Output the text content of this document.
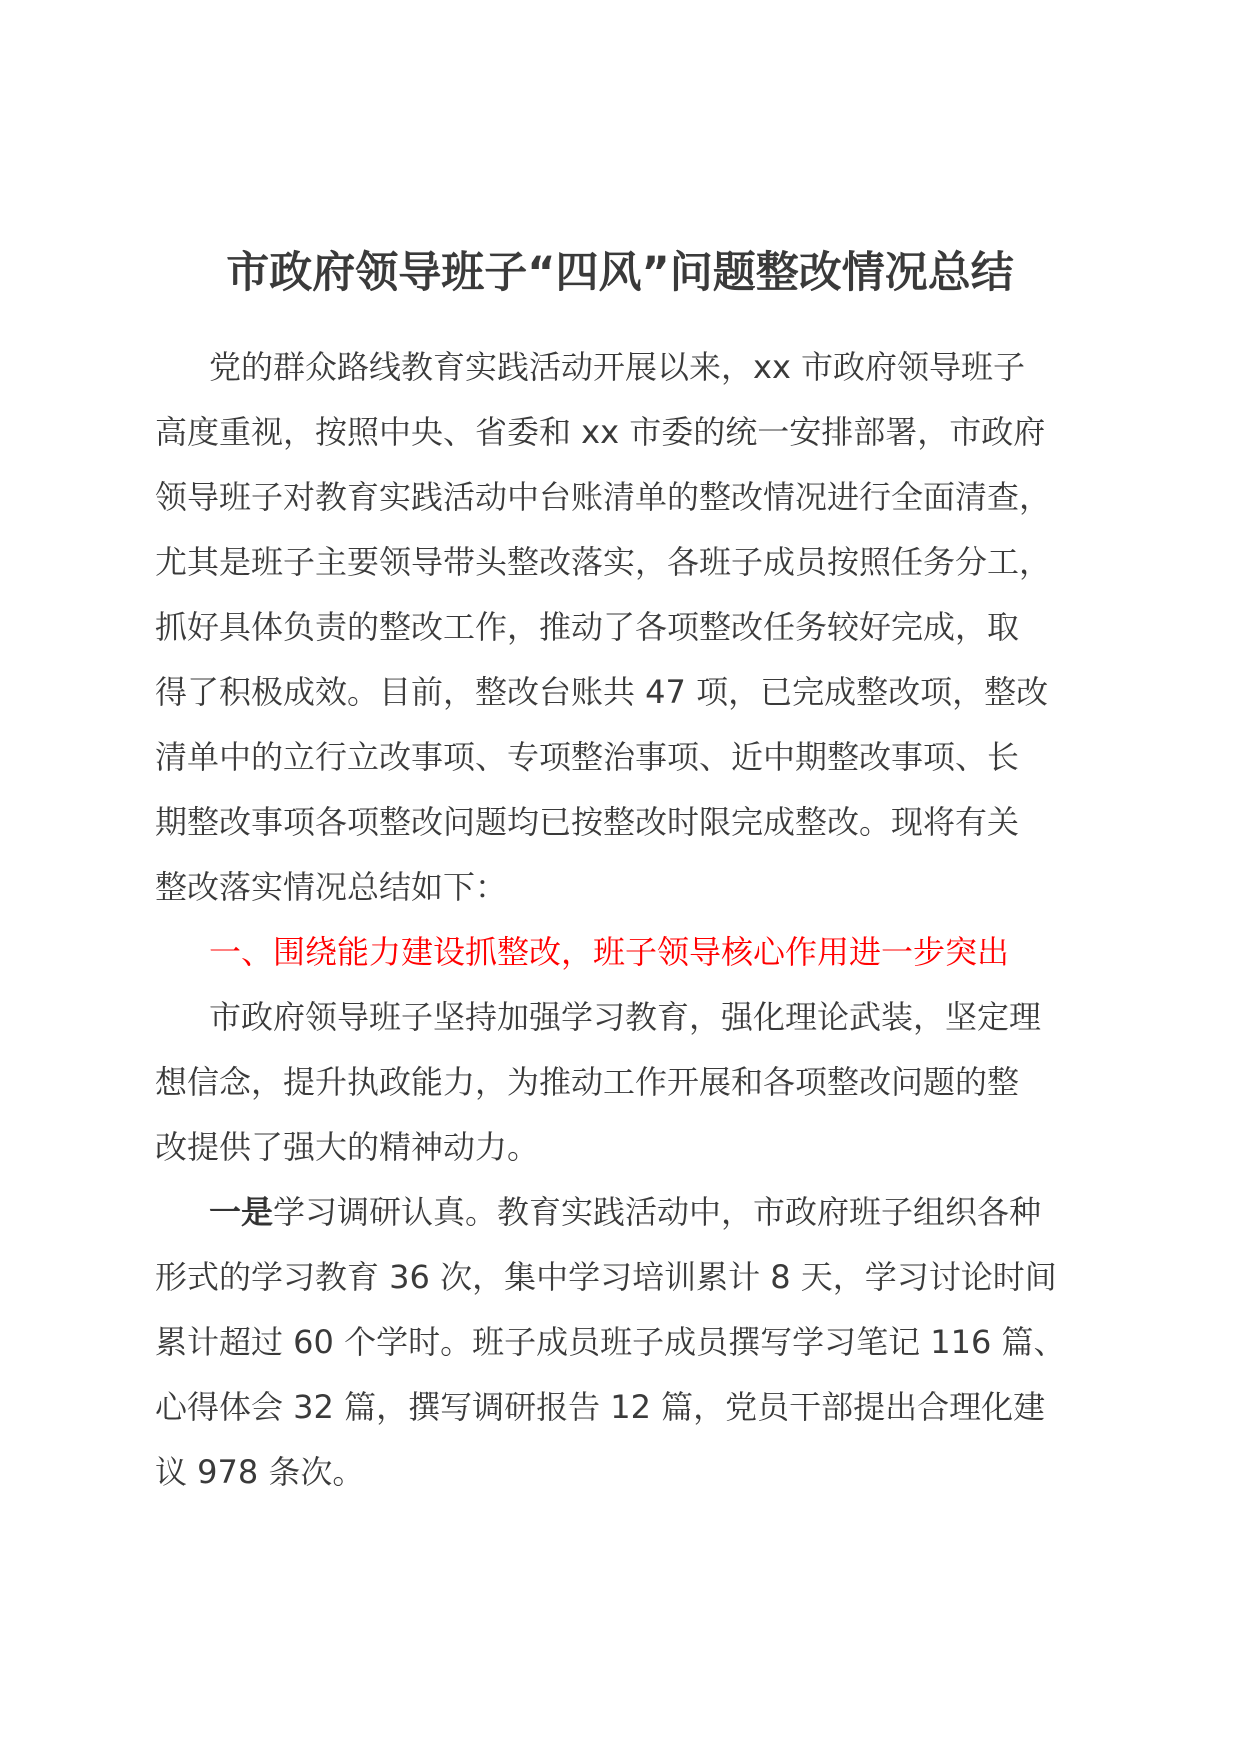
市政府领导班子“四风”问题整改情况总结
党的群众路线教育实践活动开展以来，xx 市政府领导班子
高度重视，按照中央、省委和 xx 市委的统一安排部署，市政府
领导班子对教育实践活动中台账清单的整改情况进行全面清查，
尤其是班子主要领导带头整改落实，各班子成员按照任务分工，
抓好具体负责的整改工作，推动了各项整改任务较好完成，取
得了积极成效。目前，整改台账共 47 项，已完成整改项，整改
清单中的立行立改事项、专项整治事项、近中期整改事项、长
期整改事项各项整改问题均已按整改时限完成整改。现将有关
整改落实情况总结如下：
一、围绕能力建设抓整改，班子领导核心作用进一步突出
市政府领导班子坚持加强学习教育，强化理论武装，坚定理
想信念，提升执政能力，为推动工作开展和各项整改问题的整
改提供了强大的精神动力。
一是学习调研认真。教育实践活动中，市政府班子组织各种
形式的学习教育 36 次，集中学习培训累计 8 天，学习讨论时间
累计超过 60 个学时。班子成员班子成员撰写学习笔记 116 篇、
心得体会 32 篇，撰写调研报告 12 篇，党员干部提出合理化建
议 978 条次。
